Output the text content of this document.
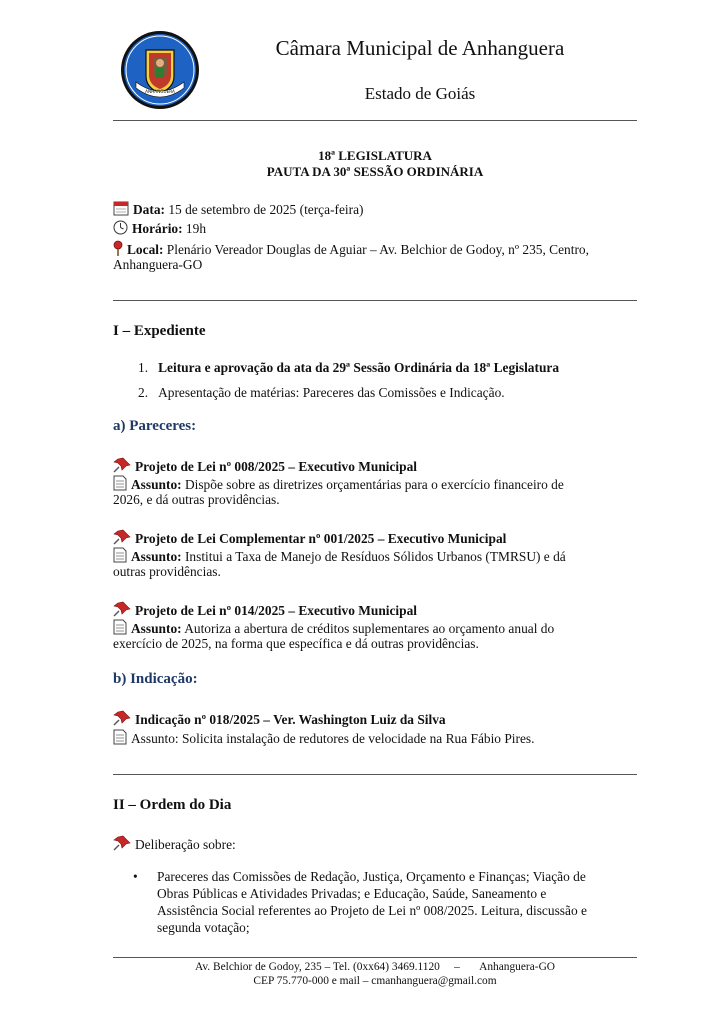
ANHANGUERA
Câmara Municipal de Anhanguera
Estado de Goiás
18ª LEGISLATURA
PAUTA DA 30ª SESSÃO ORDINÁRIA
Data: 15 de setembro de 2025 (terça-feira)
Horário: 19h
Local: Plenário Vereador Douglas de Aguiar – Av. Belchior de Godoy, nº 235, Centro,
Anhanguera-GO
I – Expediente
1. Leitura e aprovação da ata da 29ª Sessão Ordinária da 18ª Legislatura
2. Apresentação de matérias: Pareceres das Comissões e Indicação.
a) Pareceres:
Projeto de Lei nº 008/2025 – Executivo Municipal
Assunto: Dispõe sobre as diretrizes orçamentárias para o exercício financeiro de
2026, e dá outras providências.
Projeto de Lei Complementar nº 001/2025 – Executivo Municipal
Assunto: Institui a Taxa de Manejo de Resíduos Sólidos Urbanos (TMRSU) e dá
outras providências.
Projeto de Lei nº 014/2025 – Executivo Municipal
Assunto: Autoriza a abertura de créditos suplementares ao orçamento anual do
exercício de 2025, na forma que específica e dá outras providências.
b) Indicação:
Indicação nº 018/2025 – Ver. Washington Luiz da Silva
Assunto: Solicita instalação de redutores de velocidade na Rua Fábio Pires.
II – Ordem do Dia
Deliberação sobre:
•	Pareceres das Comissões de Redação, Justiça, Orçamento e Finanças; Viação de
Obras Públicas e Atividades Privadas; e Educação, Saúde, Saneamento e
Assistência Social referentes ao Projeto de Lei nº 008/2025. Leitura, discussão e
segunda votação;
Av. Belchior de Godoy, 235 – Tel. (0xx64) 3469.1120     –       Anhanguera-GO
CEP 75.770-000 e mail – cmanhanguera@gmail.com
